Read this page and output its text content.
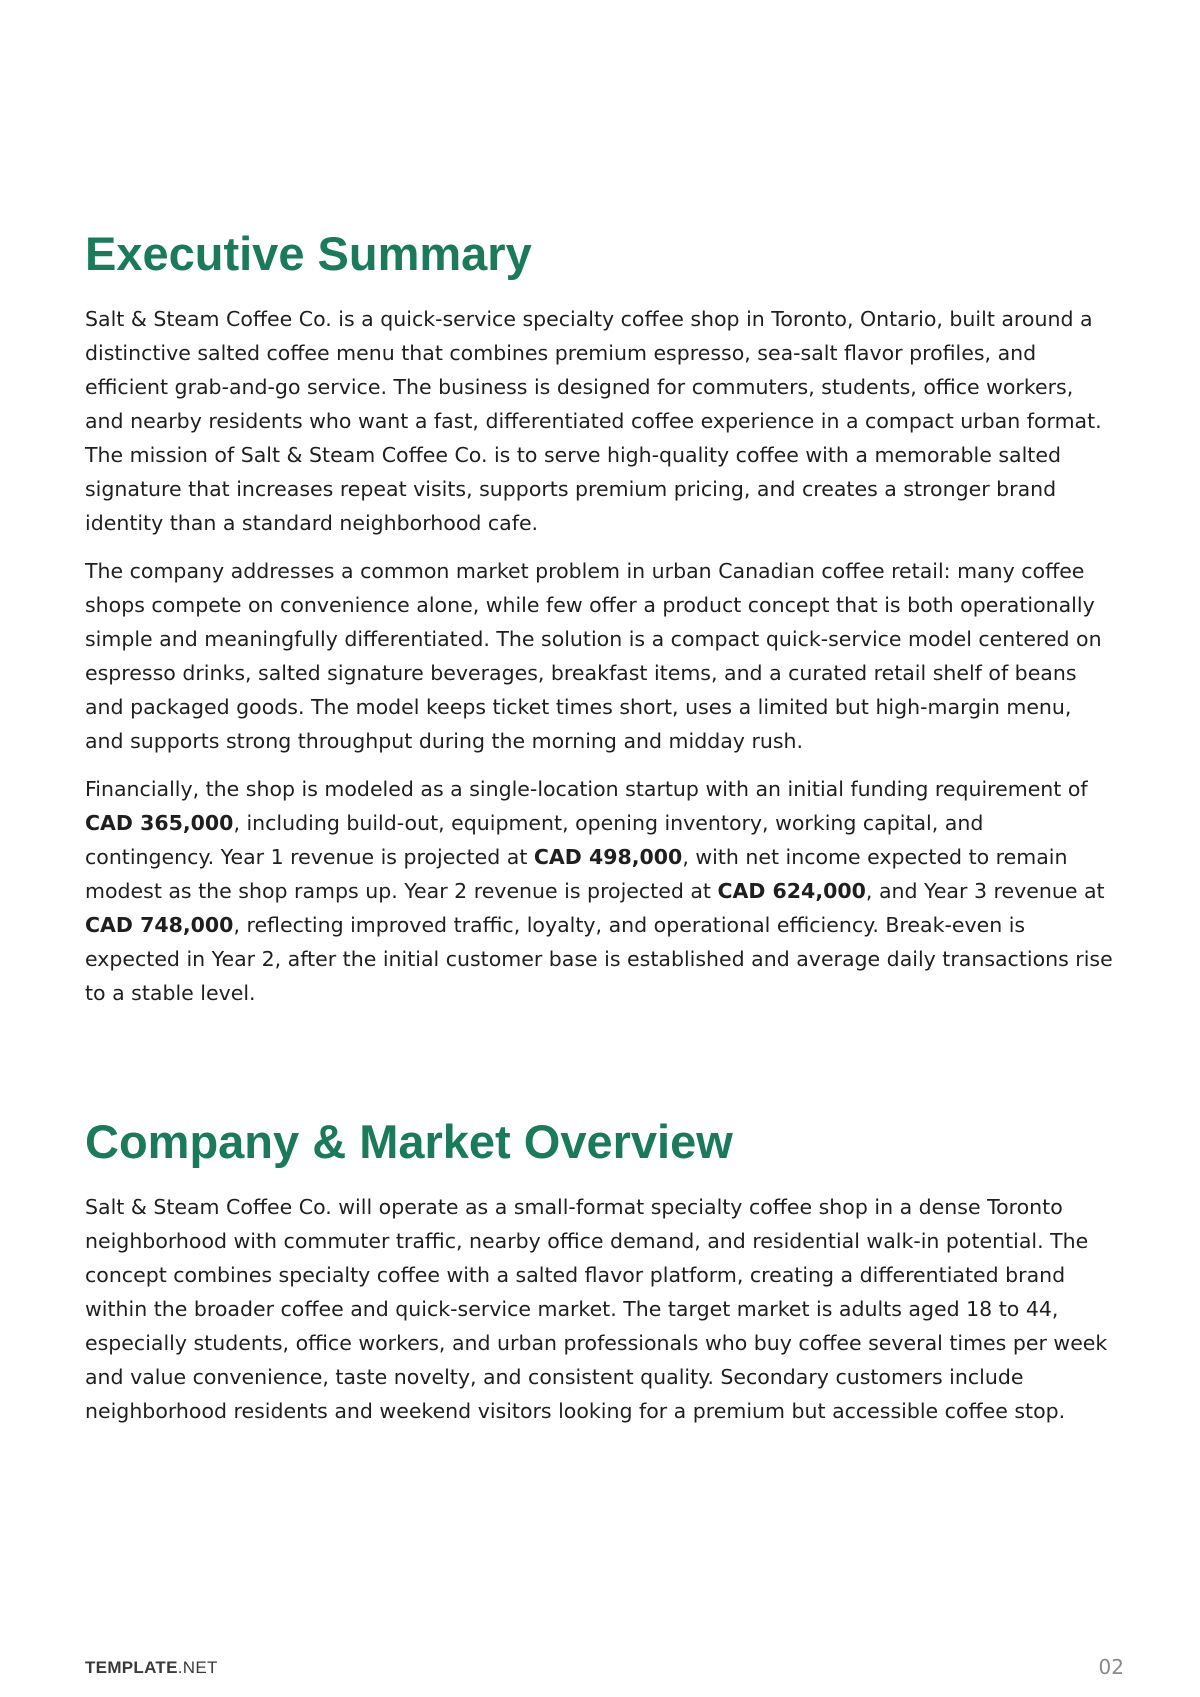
Executive Summary

Salt & Steam Coffee Co. is a quick-service specialty coffee shop in Toronto, Ontario, built around a distinctive salted coffee menu that combines premium espresso, sea-salt flavor profiles, and efficient grab-and-go service. The business is designed for commuters, students, office workers, and nearby residents who want a fast, differentiated coffee experience in a compact urban format. The mission of Salt & Steam Coffee Co. is to serve high-quality coffee with a memorable salted signature that increases repeat visits, supports premium pricing, and creates a stronger brand identity than a standard neighborhood cafe.

The company addresses a common market problem in urban Canadian coffee retail: many coffee shops compete on convenience alone, while few offer a product concept that is both operationally simple and meaningfully differentiated. The solution is a compact quick-service model centered on espresso drinks, salted signature beverages, breakfast items, and a curated retail shelf of beans and packaged goods. The model keeps ticket times short, uses a limited but high-margin menu, and supports strong throughput during the morning and midday rush.

Financially, the shop is modeled as a single-location startup with an initial funding requirement of CAD 365,000, including build-out, equipment, opening inventory, working capital, and contingency. Year 1 revenue is projected at CAD 498,000, with net income expected to remain modest as the shop ramps up. Year 2 revenue is projected at CAD 624,000, and Year 3 revenue at CAD 748,000, reflecting improved traffic, loyalty, and operational efficiency. Break-even is expected in Year 2, after the initial customer base is established and average daily transactions rise to a stable level.

Company & Market Overview

Salt & Steam Coffee Co. will operate as a small-format specialty coffee shop in a dense Toronto neighborhood with commuter traffic, nearby office demand, and residential walk-in potential. The concept combines specialty coffee with a salted flavor platform, creating a differentiated brand within the broader coffee and quick-service market. The target market is adults aged 18 to 44, especially students, office workers, and urban professionals who buy coffee several times per week and value convenience, taste novelty, and consistent quality. Secondary customers include neighborhood residents and weekend visitors looking for a premium but accessible coffee stop.

TEMPLATE.NET	02
